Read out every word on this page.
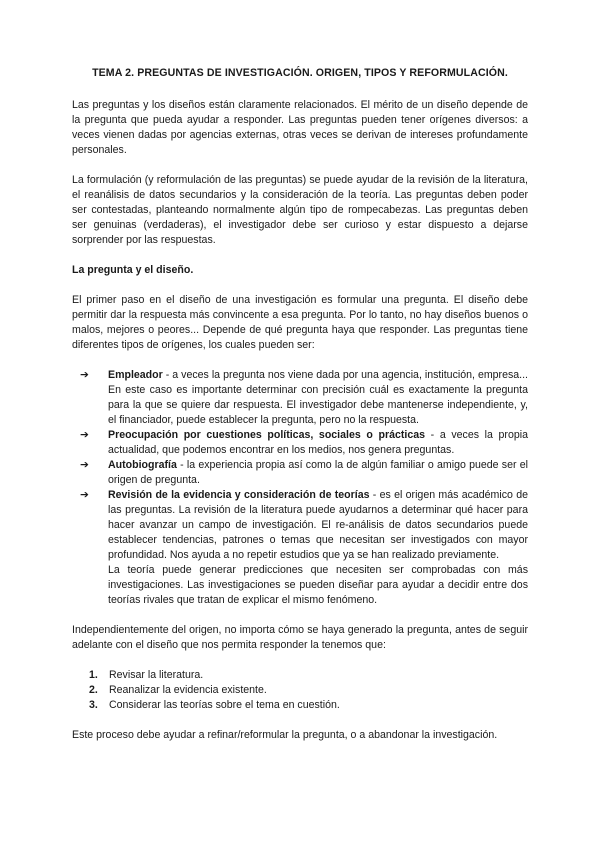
TEMA 2. PREGUNTAS DE INVESTIGACIÓN. ORIGEN, TIPOS Y REFORMULACIÓN.

Las preguntas y los diseños están claramente relacionados. El mérito de un diseño depende de la pregunta que pueda ayudar a responder. Las preguntas pueden tener orígenes diversos: a veces vienen dadas por agencias externas, otras veces se derivan de intereses profundamente personales.

La formulación (y reformulación de las preguntas) se puede ayudar de la revisión de la literatura, el reanálisis de datos secundarios y la consideración de la teoría. Las preguntas deben poder ser contestadas, planteando normalmente algún tipo de rompecabezas. Las preguntas deben ser genuinas (verdaderas), el investigador debe ser curioso y estar dispuesto a dejarse sorprender por las respuestas.

La pregunta y el diseño.

El primer paso en el diseño de una investigación es formular una pregunta. El diseño debe permitir dar la respuesta más convincente a esa pregunta. Por lo tanto, no hay diseños buenos o malos, mejores o peores... Depende de qué pregunta haya que responder. Las preguntas tiene diferentes tipos de orígenes, los cuales pueden ser:

➔ Empleador - a veces la pregunta nos viene dada por una agencia, institución, empresa... En este caso es importante determinar con precisión cuál es exactamente la pregunta para la que se quiere dar respuesta. El investigador debe mantenerse independiente, y, el financiador, puede establecer la pregunta, pero no la respuesta.
➔ Preocupación por cuestiones políticas, sociales o prácticas - a veces la propia actualidad, que podemos encontrar en los medios, nos genera preguntas.
➔ Autobiografía - la experiencia propia así como la de algún familiar o amigo puede ser el origen de pregunta.
➔ Revisión de la evidencia y consideración de teorías - es el origen más académico de las preguntas. La revisión de la literatura puede ayudarnos a determinar qué hacer para hacer avanzar un campo de investigación. El re-análisis de datos secundarios puede establecer tendencias, patrones o temas que necesitan ser investigados con mayor profundidad. Nos ayuda a no repetir estudios que ya se han realizado previamente.
La teoría puede generar predicciones que necesiten ser comprobadas con más investigaciones. Las investigaciones se pueden diseñar para ayudar a decidir entre dos teorías rivales que tratan de explicar el mismo fenómeno.

Independientemente del origen, no importa cómo se haya generado la pregunta, antes de seguir adelante con el diseño que nos permita responder la tenemos que:

1. Revisar la literatura.
2. Reanalizar la evidencia existente.
3. Considerar las teorías sobre el tema en cuestión.

Este proceso debe ayudar a refinar/reformular la pregunta, o a abandonar la investigación.
